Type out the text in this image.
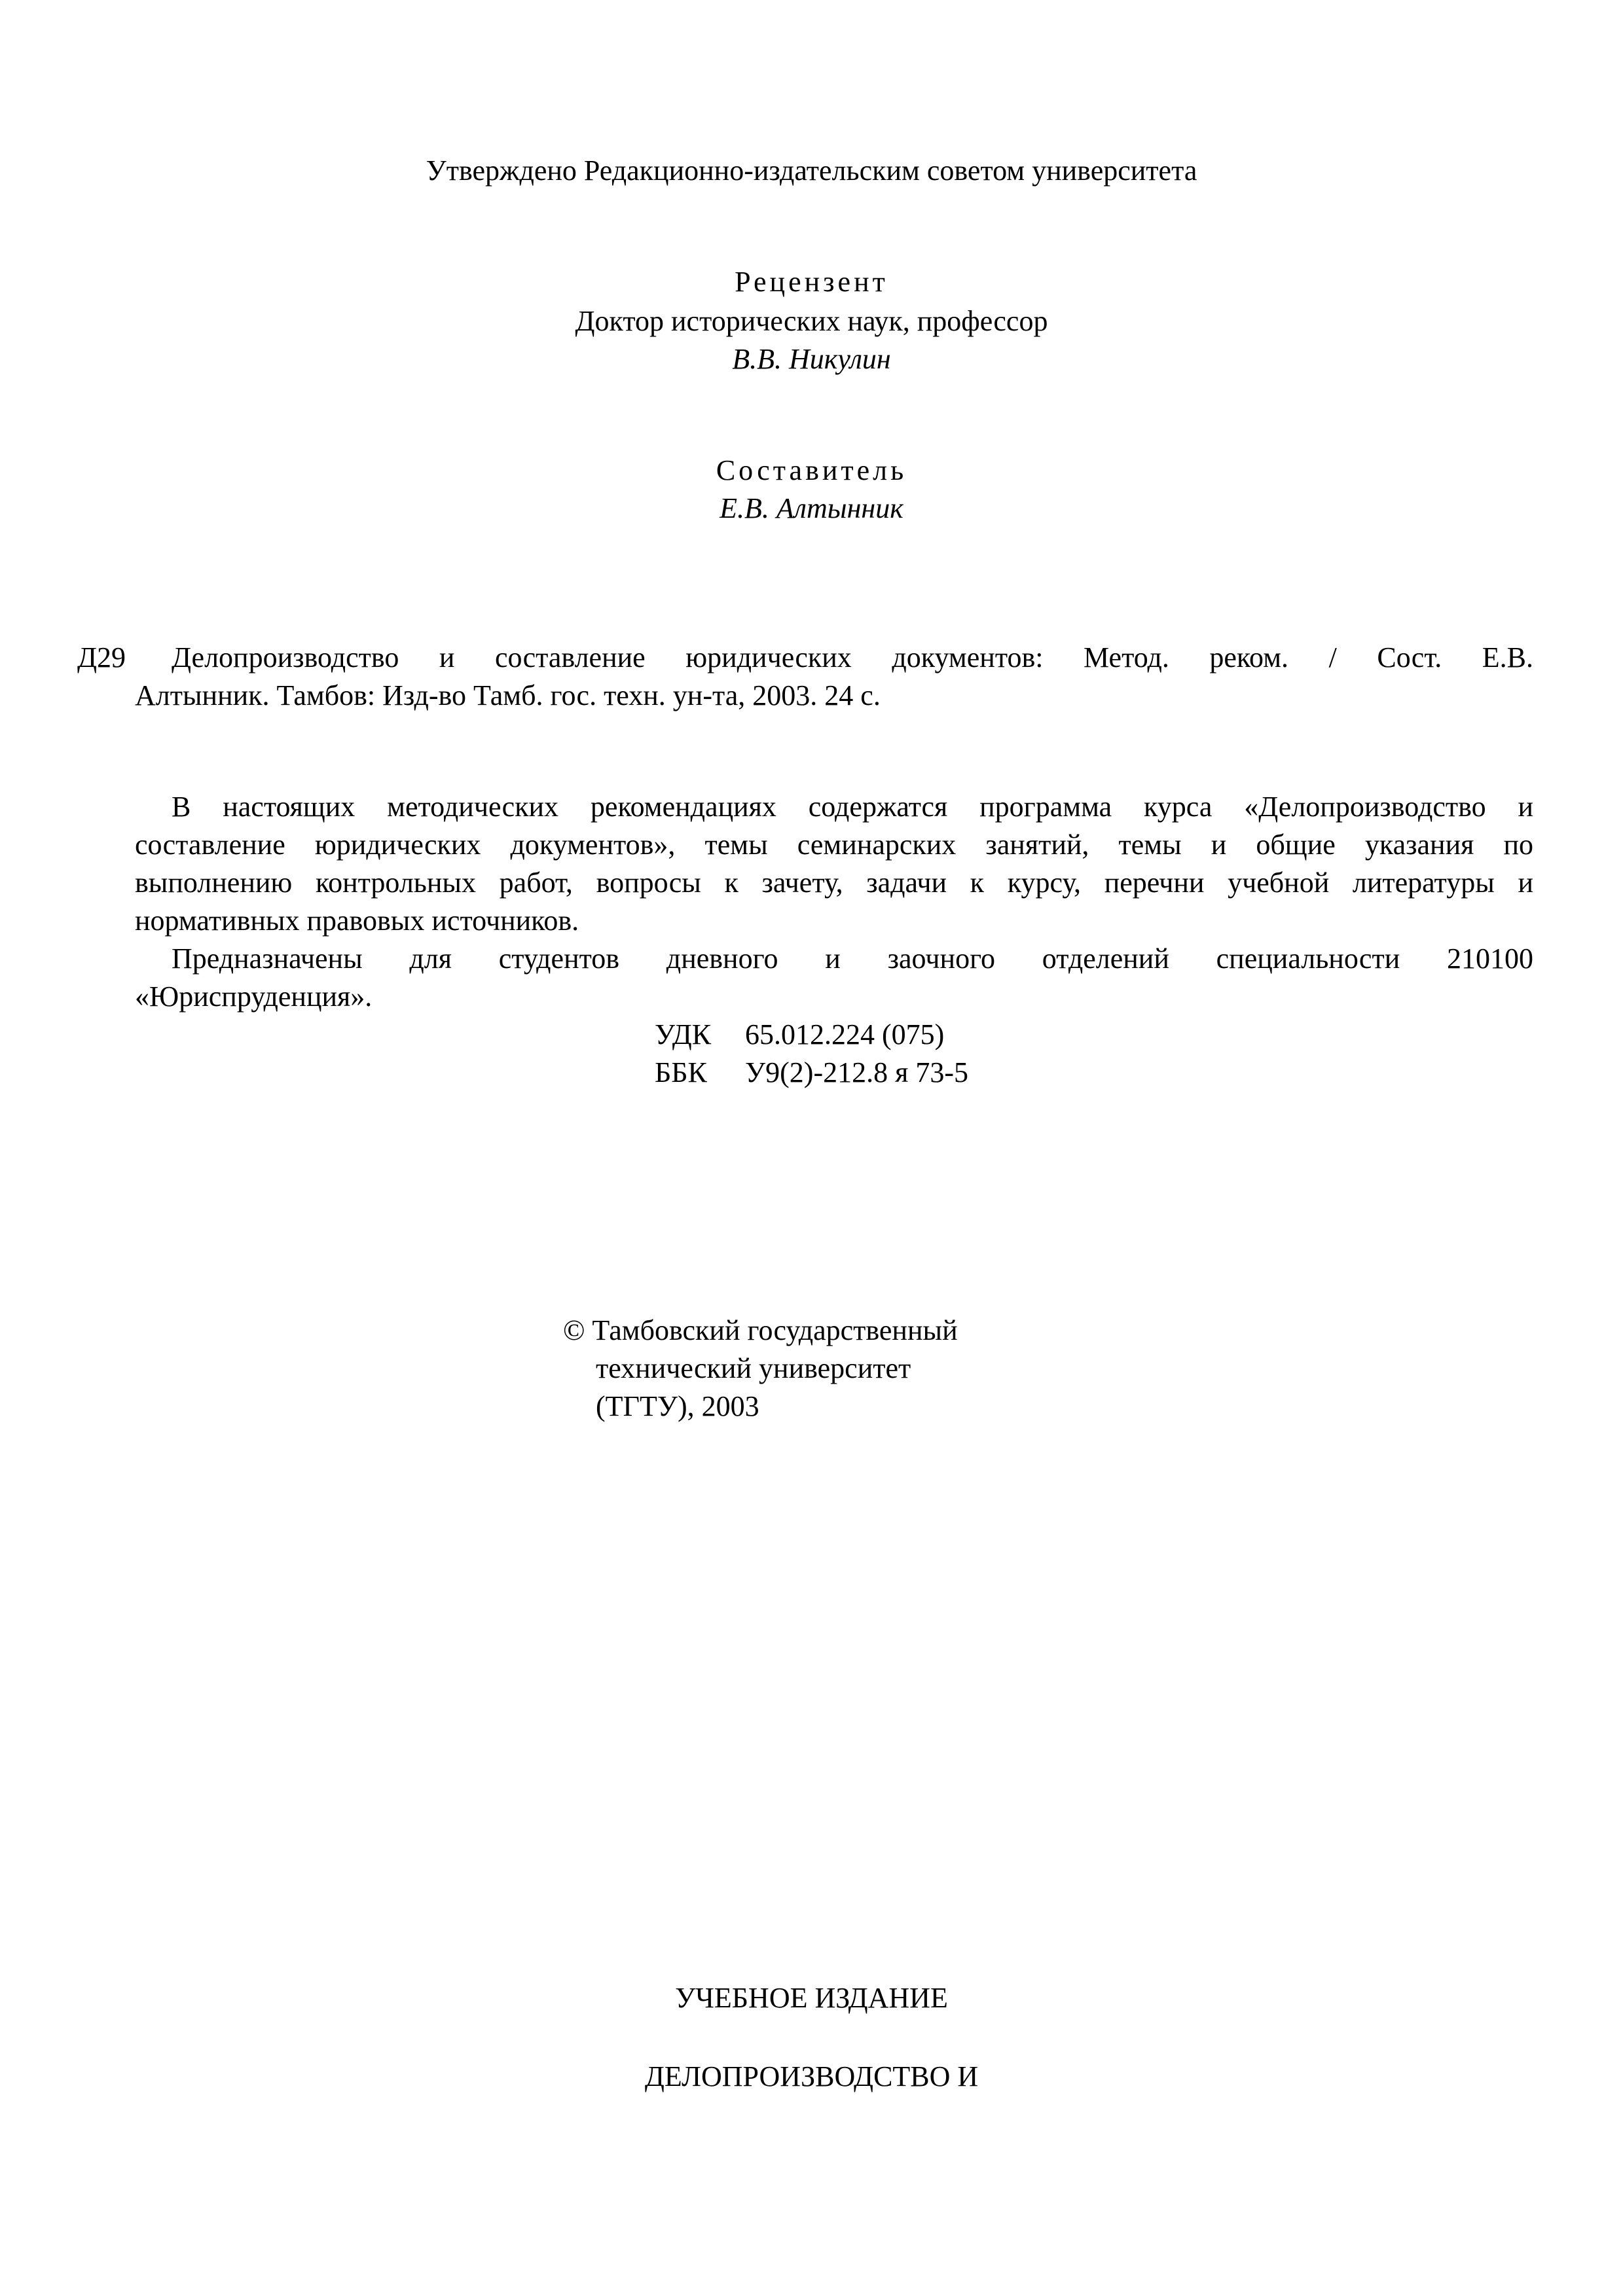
Утверждено Редакционно-издательским советом университета
Рецензент
Доктор исторических наук, профессор
В.В. Никулин
Составитель
Е.В. Алтынник
Д29 Делопроизводство и составление юридических документов: Метод. реком. / Сост. Е.В.
Алтынник. Тамбов: Изд-во Тамб. гос. техн. ун-та, 2003. 24 с.
В настоящих методических рекомендациях содержатся программа курса «Делопроизводство и
составление юридических документов», темы семинарских занятий, темы и общие указания по
выполнению контрольных работ, вопросы к зачету, задачи к курсу, перечни учебной литературы и
нормативных правовых источников.
Предназначены для студентов дневного и заочного отделений специальности 210100
«Юриспруденция».
УДК 65.012.224 (075)
ББК У9(2)-212.8 я 73-5
© Тамбовский государственный
технический университет
(ТГТУ), 2003
УЧЕБНОЕ ИЗДАНИЕ
ДЕЛОПРОИЗВОДСТВО И
